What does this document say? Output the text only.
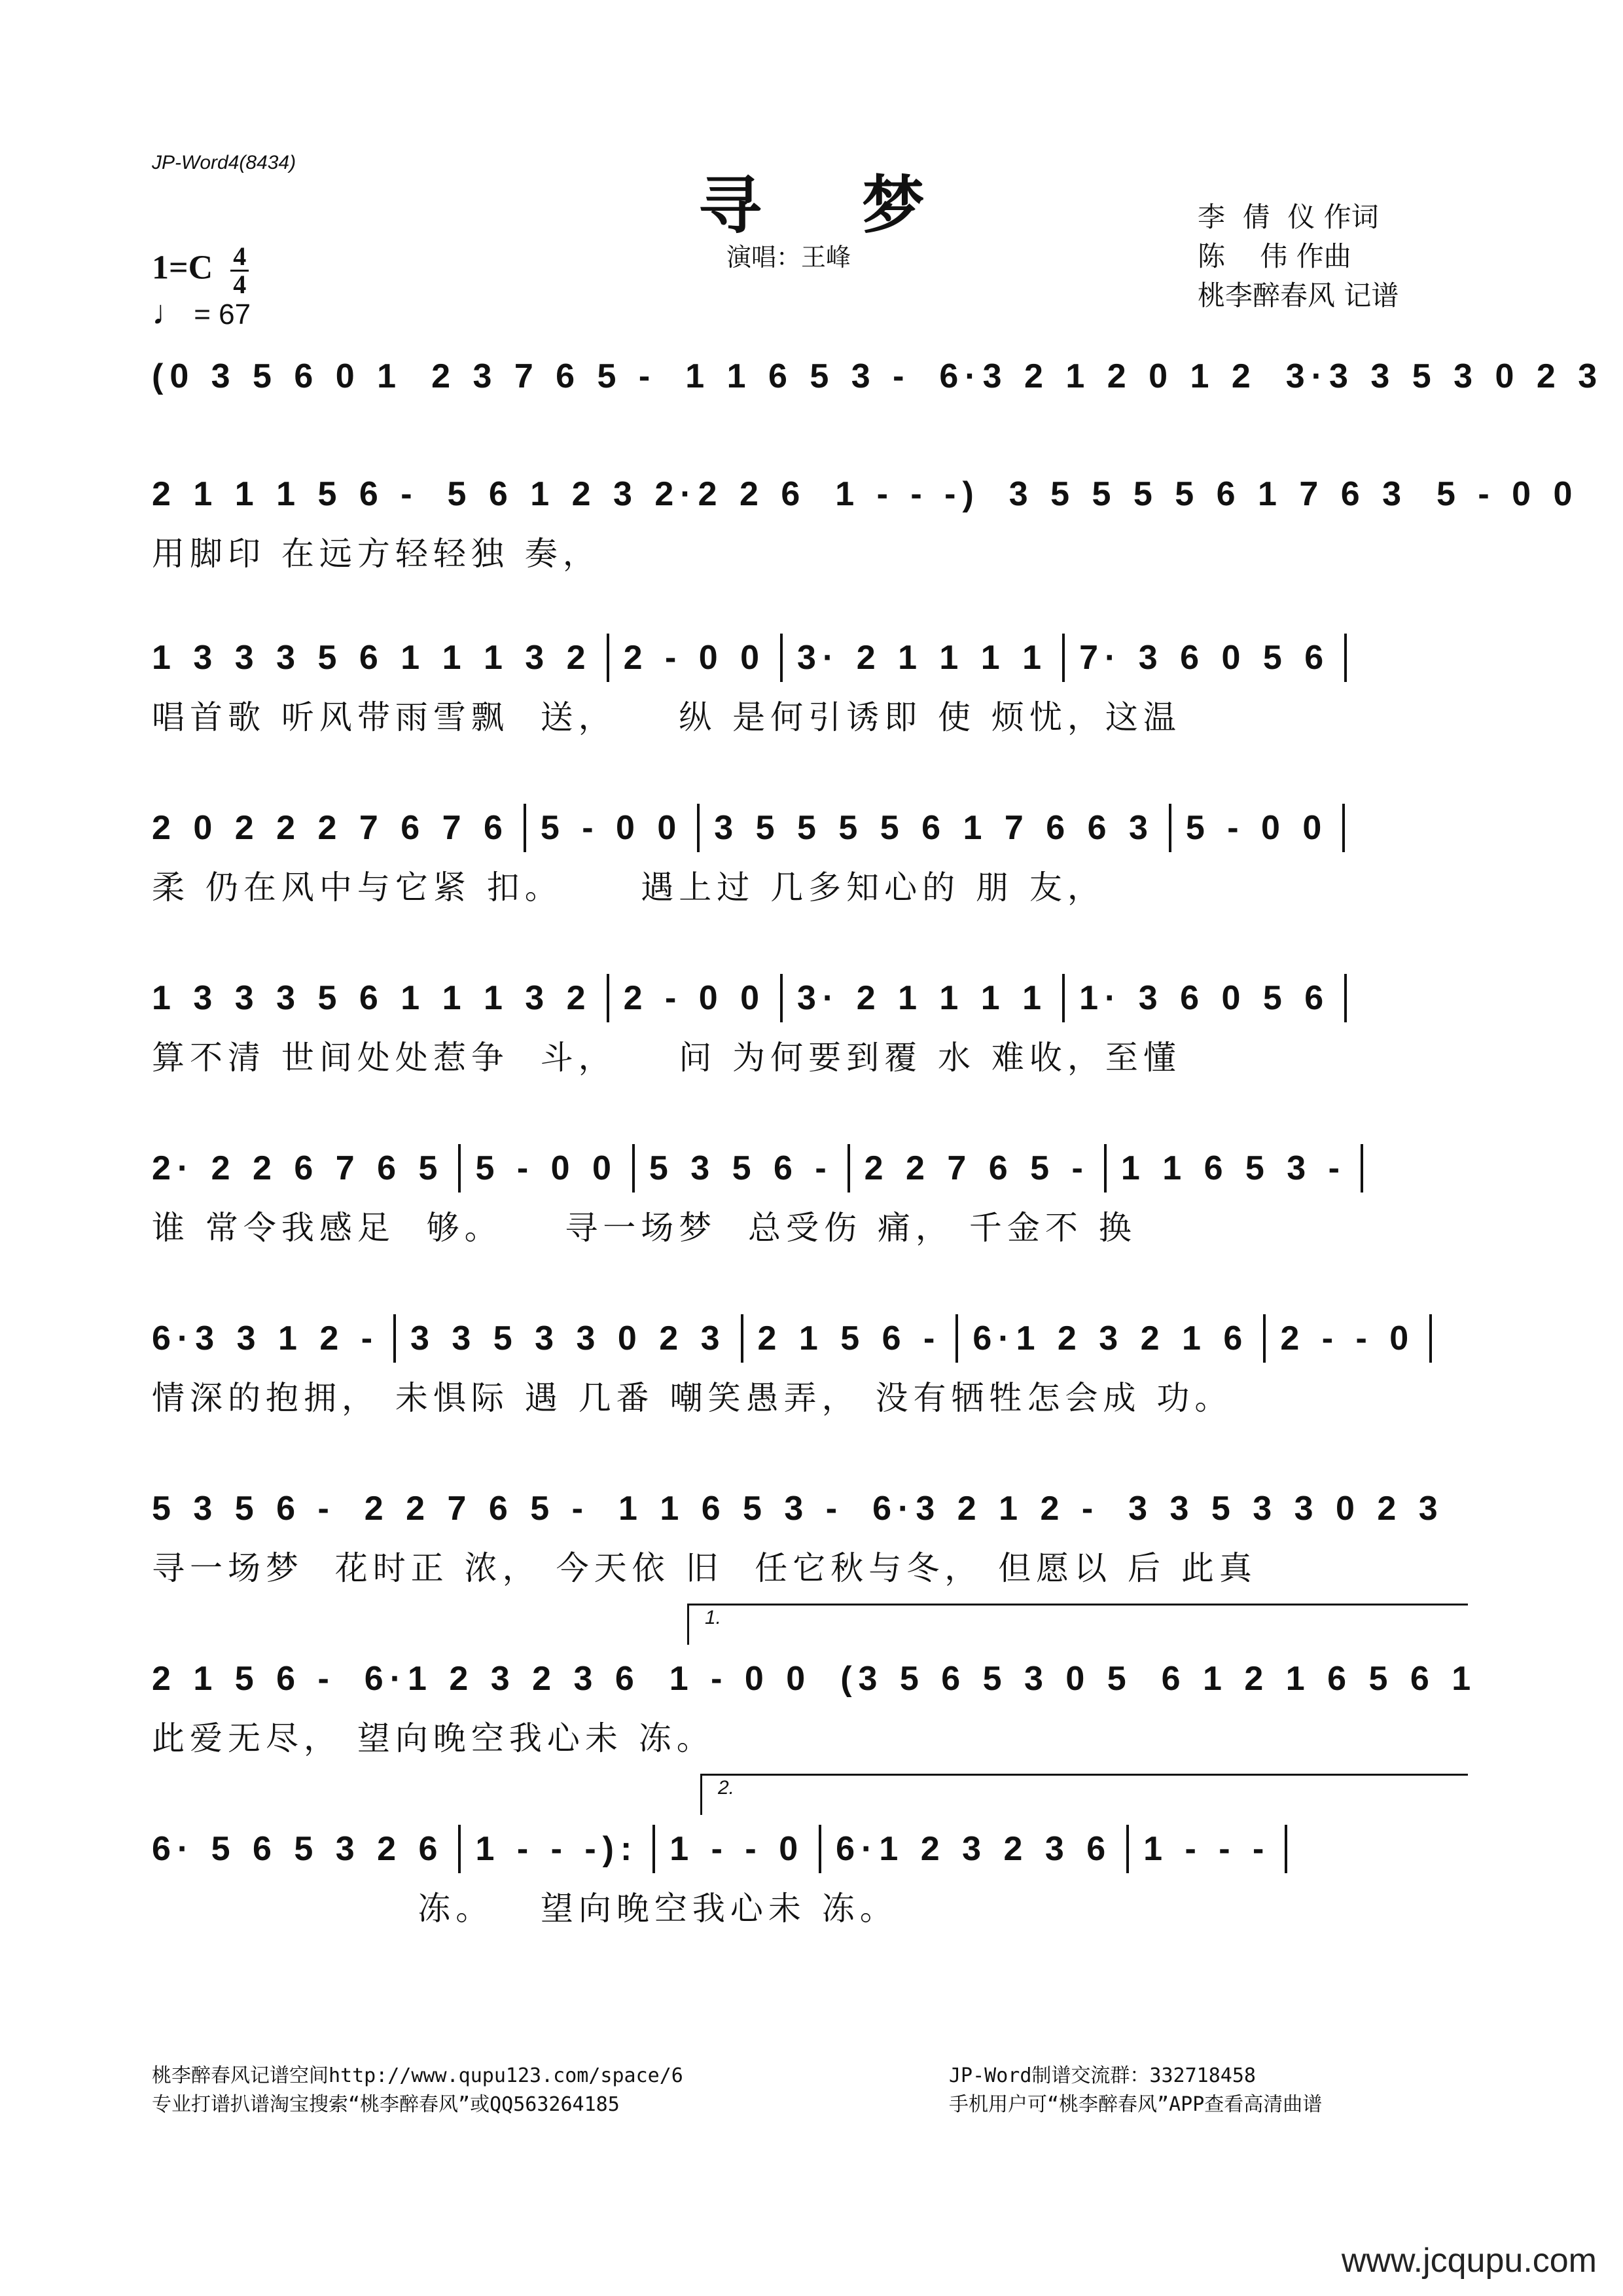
JP-Word4(8434)
寻 梦
演唱：王峰
李  倩  仪 作词
陈    伟 作曲
桃李醉春风 记谱
$1=C \frac{4}{4}$
♩ = 67
(0 3 5 6 0 1 2 3 7 6 5 - 1 1 6 5 3 - 6·3 2 1 2 0 1 2 3·3 3 5 3 0 2 3
2 1 1 1 5 6 - 5 6 1 2 3 2·2 2 6 1 - - -) 3 5 5 5 5 6 1 7 6 3 5 - 0 0
用脚印 在远方轻轻独 奏，
1 3 3 3 5 6 1 1 1 3 2 2 - 0 0 3· 2 1 1 1 1 7· 3 6 0 5 6
唱首歌 听风带雨雪飘  送，    纵 是何引诱即 使 烦忧，这温
2 0 2 2 2 7 6 7 6 5 - 0 0 3 5 5 5 5 6 1 7 6 6 3 5 - 0 0
柔 仍在风中与它紧 扣。     遇上过 几多知心的 朋 友，
1 3 3 3 5 6 1 1 1 3 2 2 - 0 0 3· 2 1 1 1 1 1· 3 6 0 5 6
算不清 世间处处惹争  斗，    问 为何要到覆 水 难收，至懂
2· 2 2 6 7 6 5 5 - 0 0 5 3 5 6 - 2 2 7 6 5 - 1 1 6 5 3 -
谁 常令我感足  够。    寻一场梦  总受伤 痛， 千金不 换
6·3 3 1 2 - 3 3 5 3 3 0 2 3 2 1 5 6 - 6·1 2 3 2 1 6 2 - - 0
情深的抱拥， 未惧际 遇 几番 嘲笑愚弄， 没有牺牲怎会成 功。
5 3 5 6 - 2 2 7 6 5 - 1 1 6 5 3 - 6·3 2 1 2 - 3 3 5 3 3 0 2 3
寻一场梦  花时正 浓， 今天依 旧  任它秋与冬， 但愿以 后 此真
1.
2 1 5 6 - 6·1 2 3 2 3 6 1 - 0 0 (3 5 6 5 3 0 5 6 1 2 1 6 5 6 1
此爱无尽， 望向晚空我心未 冻。
2.
6· 5 6 5 3 2 6 1 - - -): 1 - - 0 6·1 2 3 2 3 6 1 - - -
冻。   望向晚空我心未 冻。
桃李醉春风记谱空间http://www.qupu123.com/space/6
专业打谱扒谱淘宝搜索“桃李醉春风”或QQ563264185
JP-Word制谱交流群：332718458
手机用户可“桃李醉春风”APP查看高清曲谱
www.jcqupu.com
